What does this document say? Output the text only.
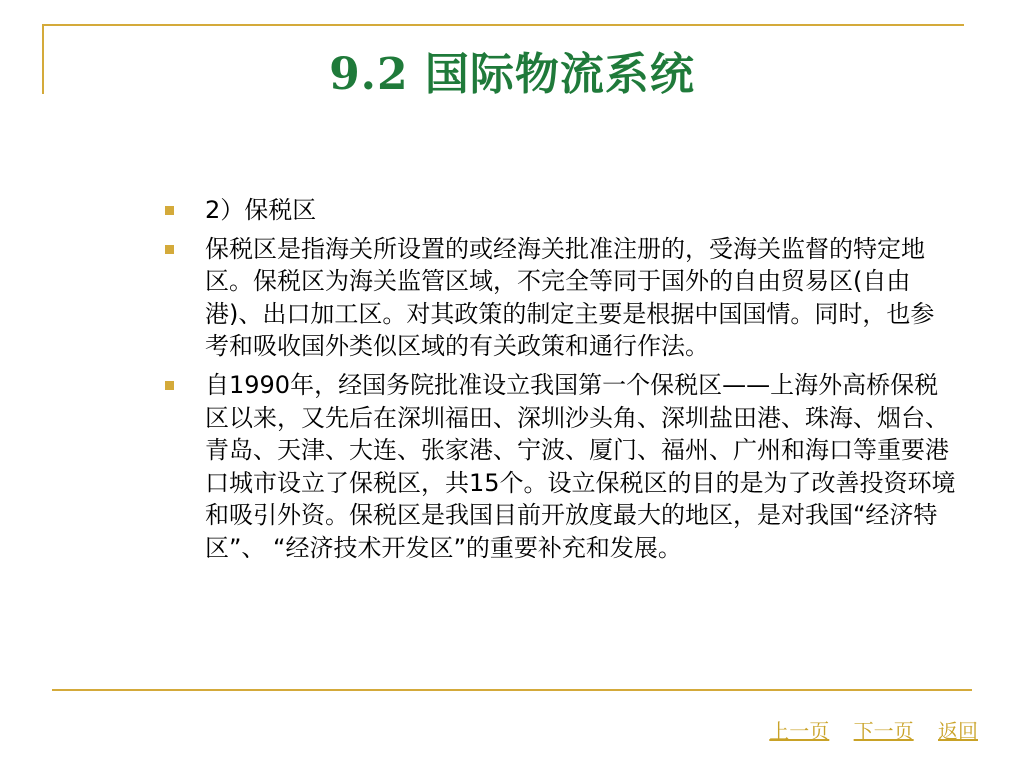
9.2 国际物流系统
2）保税区
保税区是指海关所设置的或经海关批准注册的，受海关监督的特定地区。保税区为海关监管区域，不完全等同于国外的自由贸易区(自由港)、出口加工区。对其政策的制定主要是根据中国国情。同时，也参考和吸收国外类似区域的有关政策和通行作法。
自1990年，经国务院批准设立我国第一个保税区——上海外高桥保税区以来，又先后在深圳福田、深圳沙头角、深圳盐田港、珠海、烟台、青岛、天津、大连、张家港、宁波、厦门、福州、广州和海口等重要港口城市设立了保税区，共15个。设立保税区的目的是为了改善投资环境和吸引外资。保税区是我国目前开放度最大的地区，是对我国“经济特区”、 “经济技术开发区”的重要补充和发展。
上一页 下一页 返回
